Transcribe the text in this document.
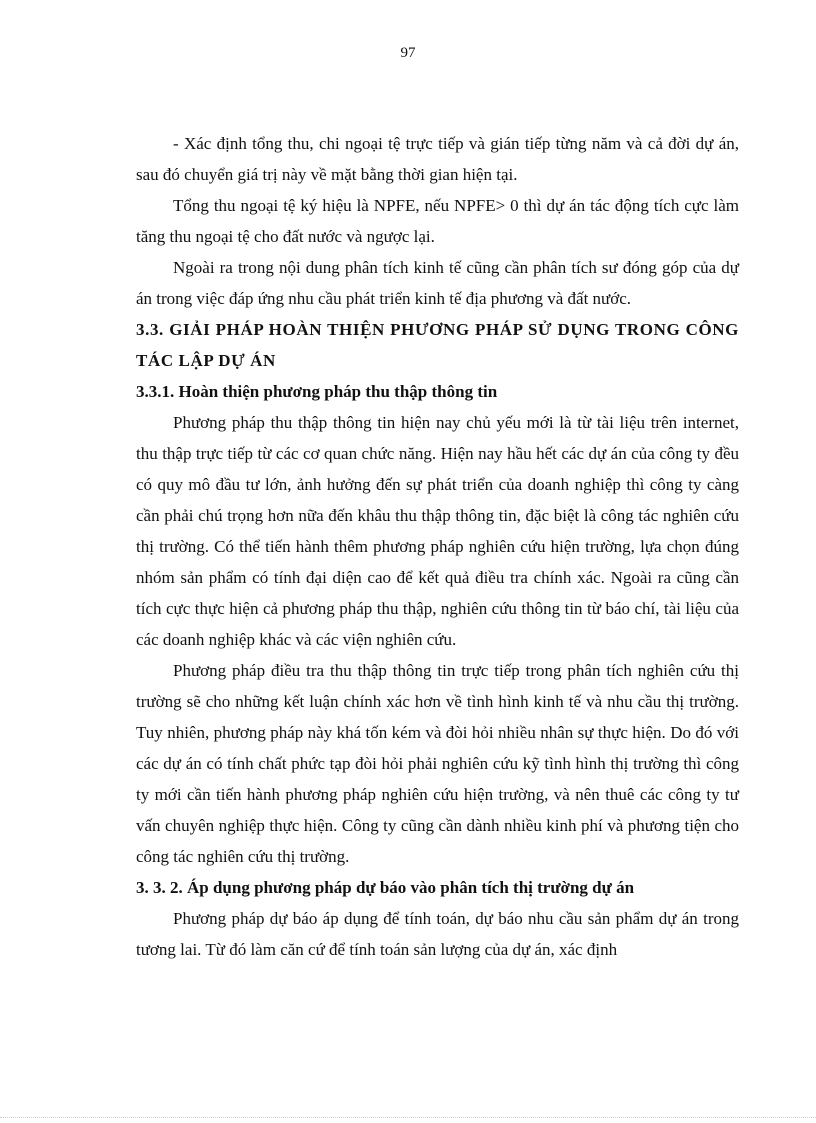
97

- Xác định tổng thu, chi ngoại tệ trực tiếp và gián tiếp từng năm và cả đời dự án, sau đó chuyển giá trị này về mặt bằng thời gian hiện tại.

Tổng thu ngoại tệ ký hiệu là NPFE, nếu NPFE> 0 thì dự án tác động tích cực làm tăng thu ngoại tệ cho đất nước và ngược lại.

Ngoài ra trong nội dung phân tích kinh tế cũng cần phân tích sư đóng góp của dự án trong việc đáp ứng nhu cầu phát triển kinh tế địa phương và đất nước.

3.3. GIẢI PHÁP HOÀN THIỆN PHƯƠNG PHÁP SỬ DỤNG TRONG CÔNG TÁC LẬP DỰ ÁN

3.3.1. Hoàn thiện phương pháp thu thập thông tin

Phương pháp thu thập thông tin hiện nay chủ yếu mới là từ tài liệu trên internet, thu thập trực tiếp từ các cơ quan chức năng. Hiện nay hầu hết các dự án của công ty đều có quy mô đầu tư lớn, ảnh hưởng đến sự phát triển của doanh nghiệp thì công ty càng cần phải chú trọng hơn nữa đến khâu thu thập thông tin, đặc biệt là công tác nghiên cứu thị trường. Có thể tiến hành thêm phương pháp nghiên cứu hiện trường, lựa chọn đúng nhóm sản phẩm có tính đại diện cao để kết quả điều tra chính xác. Ngoài ra cũng cần tích cực thực hiện cả phương pháp thu thập, nghiên cứu thông tin từ báo chí, tài liệu của các doanh nghiệp khác và các viện nghiên cứu.

Phương pháp điều tra thu thập thông tin trực tiếp trong phân tích nghiên cứu thị trường sẽ cho những kết luận chính xác hơn về tình hình kinh tế và nhu cầu thị trường. Tuy nhiên, phương pháp này khá tốn kém và đòi hỏi nhiều nhân sự thực hiện. Do đó với các dự án có tính chất phức tạp đòi hỏi phải nghiên cứu kỹ tình hình thị trường thì công ty mới cần tiến hành phương pháp nghiên cứu hiện trường, và nên thuê các công ty tư vấn chuyên nghiệp thực hiện. Công ty cũng cần dành nhiều kinh phí và phương tiện cho công tác nghiên cứu thị trường.

3. 3. 2. Áp dụng phương pháp dự báo vào phân tích thị trường dự án

Phương pháp dự báo áp dụng để tính toán, dự báo nhu cầu sản phẩm dự án trong tương lai. Từ đó làm căn cứ để tính toán sản lượng của dự án, xác định
